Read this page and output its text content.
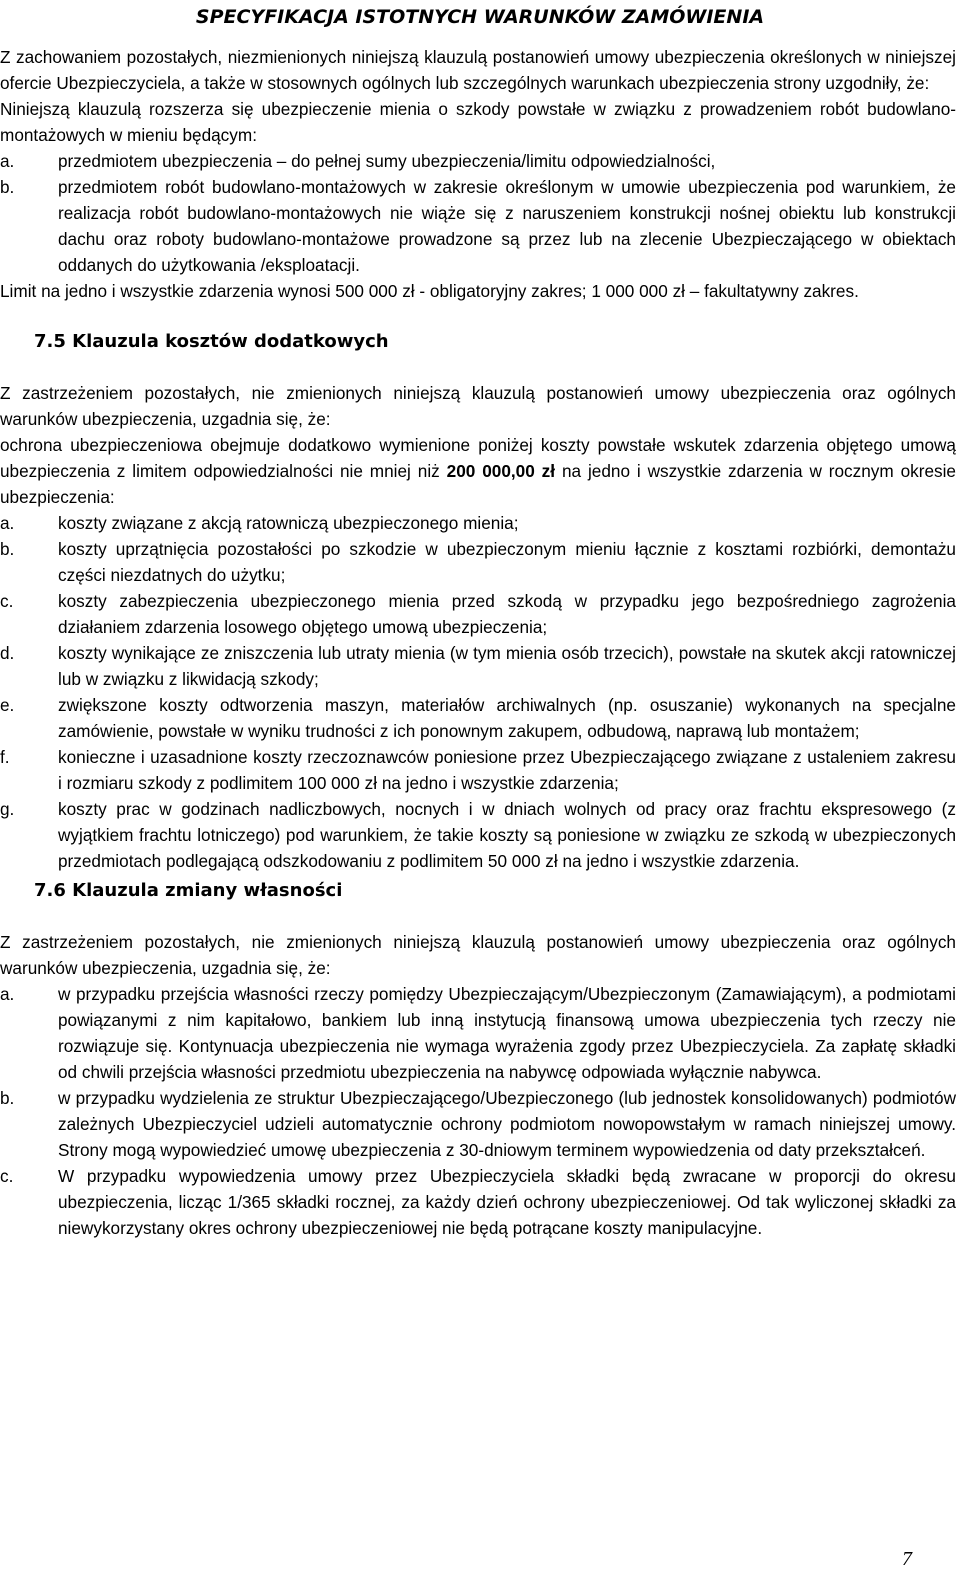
SPECYFIKACJA ISTOTNYCH WARUNKÓW ZAMÓWIENIA

Z zachowaniem pozostałych, niezmienionych niniejszą klauzulą postanowień umowy ubezpieczenia określonych w niniejszej ofercie Ubezpieczyciela, a także w stosownych ogólnych lub szczególnych warunkach ubezpieczenia strony uzgodniły, że:

Niniejszą klauzulą rozszerza się ubezpieczenie mienia o szkody powstałe w związku z prowadzeniem robót budowlano-montażowych w mieniu będącym:

a.	przedmiotem ubezpieczenia – do pełnej sumy ubezpieczenia/limitu odpowiedzialności,
b.	przedmiotem robót budowlano-montażowych w zakresie określonym w umowie ubezpieczenia pod warunkiem, że realizacja robót budowlano-montażowych nie wiąże się z naruszeniem konstrukcji nośnej obiektu lub konstrukcji dachu oraz roboty budowlano-montażowe prowadzone są przez lub na zlecenie Ubezpieczającego w obiektach oddanych do użytkowania /eksploatacji.

Limit na jedno i wszystkie zdarzenia wynosi 500 000 zł - obligatoryjny zakres; 1 000 000 zł – fakultatywny zakres.

7.5 Klauzula kosztów dodatkowych

Z zastrzeżeniem pozostałych, nie zmienionych niniejszą klauzulą postanowień umowy ubezpieczenia oraz ogólnych warunków ubezpieczenia, uzgadnia się, że:

ochrona ubezpieczeniowa obejmuje dodatkowo wymienione poniżej koszty powstałe wskutek zdarzenia objętego umową ubezpieczenia z limitem odpowiedzialności nie mniej niż 200 000,00 zł na jedno i wszystkie zdarzenia w rocznym okresie ubezpieczenia:

a.	koszty związane z akcją ratowniczą ubezpieczonego mienia;
b.	koszty uprzątnięcia pozostałości po szkodzie w ubezpieczonym mieniu łącznie z kosztami rozbiórki, demontażu części niezdatnych do użytku;
c.	koszty zabezpieczenia ubezpieczonego mienia przed szkodą w przypadku jego bezpośredniego zagrożenia działaniem zdarzenia losowego objętego umową ubezpieczenia;
d.	koszty wynikające ze zniszczenia lub utraty mienia (w tym mienia osób trzecich), powstałe na skutek akcji ratowniczej lub w związku z likwidacją szkody;
e.	zwiększone koszty odtworzenia maszyn, materiałów archiwalnych (np. osuszanie) wykonanych na specjalne zamówienie, powstałe w wyniku trudności z ich ponownym zakupem, odbudową, naprawą lub montażem;
f.	konieczne i uzasadnione koszty rzeczoznawców poniesione przez Ubezpieczającego związane z ustaleniem zakresu i rozmiaru szkody z podlimitem 100 000 zł na jedno i wszystkie zdarzenia;
g.	koszty prac w godzinach nadliczbowych, nocnych i w dniach wolnych od pracy oraz frachtu ekspresowego (z wyjątkiem frachtu lotniczego) pod warunkiem, że takie koszty są poniesione w związku ze szkodą w ubezpieczonych przedmiotach podlegającą odszkodowaniu z podlimitem 50 000 zł na jedno i wszystkie zdarzenia.
7.6 Klauzula zmiany własności

Z zastrzeżeniem pozostałych, nie zmienionych niniejszą klauzulą postanowień umowy ubezpieczenia oraz ogólnych warunków ubezpieczenia, uzgadnia się, że:

a.	w przypadku przejścia własności rzeczy pomiędzy Ubezpieczającym/Ubezpieczonym (Zamawiającym), a podmiotami powiązanymi z nim kapitałowo, bankiem lub inną instytucją finansową umowa ubezpieczenia tych rzeczy nie rozwiązuje się. Kontynuacja ubezpieczenia nie wymaga wyrażenia zgody przez Ubezpieczyciela. Za zapłatę składki od chwili przejścia własności przedmiotu ubezpieczenia na nabywcę odpowiada wyłącznie nabywca.
b.	w przypadku wydzielenia ze struktur Ubezpieczającego/Ubezpieczonego (lub jednostek konsolidowanych) podmiotów zależnych Ubezpieczyciel udzieli automatycznie ochrony podmiotom nowopowstałym w ramach niniejszej umowy. Strony mogą wypowiedzieć umowę ubezpieczenia z 30-dniowym terminem wypowiedzenia od daty przekształceń.
c.	W przypadku wypowiedzenia umowy przez Ubezpieczyciela składki będą zwracane w proporcji do okresu ubezpieczenia, licząc 1/365 składki rocznej, za każdy dzień ochrony ubezpieczeniowej. Od tak wyliczonej składki za niewykorzystany okres ochrony ubezpieczeniowej nie będą potrącane koszty manipulacyjne.
7
